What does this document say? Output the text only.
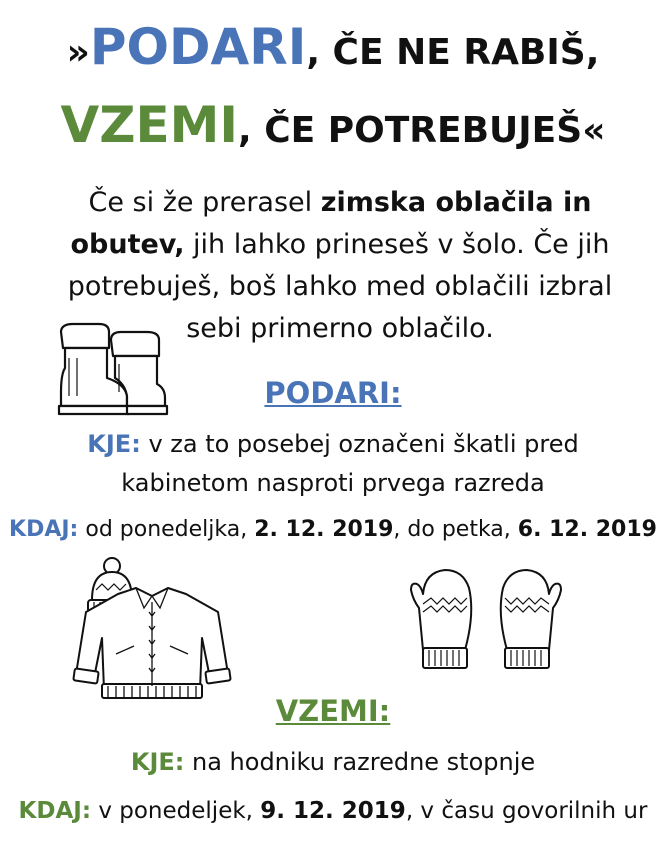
»PODARI, ČE NE RABIŠ,
VZEMI, ČE POTREBUJEŠ«
Če si že prerasel zimska oblačila in obutev, jih lahko prineseš v šolo. Če jih potrebuješ, boš lahko med oblačili izbral sebi primerno oblačilo.
PODARI:
KJE: v za to posebej označeni škatli pred
kabinetom nasproti prvega razreda
KDAJ: od ponedeljka, 2. 12. 2019, do petka, 6. 12. 2019
VZEMI:
KJE: na hodniku razredne stopnje
KDAJ: v ponedeljek, 9. 12. 2019, v času govorilnih ur
